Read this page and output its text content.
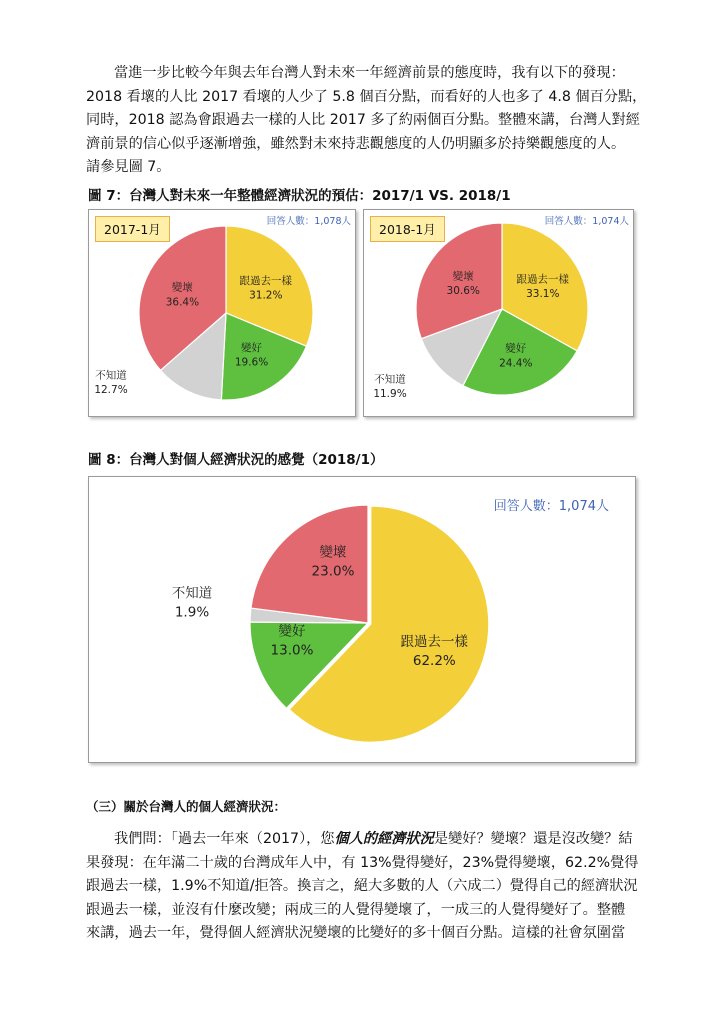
當進一步比較今年與去年台灣人對未來一年經濟前景的態度時，我有以下的發現：
2018 看壞的人比 2017 看壞的人少了 5.8 個百分點，而看好的人也多了 4.8 個百分點，
同時，2018 認為會跟過去一樣的人比 2017 多了約兩個百分點。整體來講，台灣人對經
濟前景的信心似乎逐漸增強，雖然對未來持悲觀態度的人仍明顯多於持樂觀態度的人。
請參見圖 7。
圖 7：台灣人對未來一年整體經濟狀況的預估：2017/1 VS. 2018/1
2017-1月
回答人數：1,078人
跟過去一樣
31.2%
變好
19.6%
不知道
12.7%
變壞
36.4%
2018-1月
回答人數：1,074人
跟過去一樣
33.1%
變好
24.4%
不知道
11.9%
變壞
30.6%
圖 8：台灣人對個人經濟狀況的感覺（2018/1）
回答人數：1,074人
跟過去一樣
62.2%
變好
13.0%
不知道
1.9%
變壞
23.0%
（三）關於台灣人的個人經濟狀況：
我們問：「過去一年來（2017），您個人的經濟狀況是變好？變壞？還是沒改變？結
果發現：在年滿二十歲的台灣成年人中，有 13%覺得變好，23%覺得變壞，62.2%覺得
跟過去一樣，1.9%不知道/拒答。換言之，絕大多數的人（六成二）覺得自己的經濟狀況
跟過去一樣，並沒有什麼改變；兩成三的人覺得變壞了，一成三的人覺得變好了。整體
來講，過去一年，覺得個人經濟狀況變壞的比變好的多十個百分點。這樣的社會氛圍當
